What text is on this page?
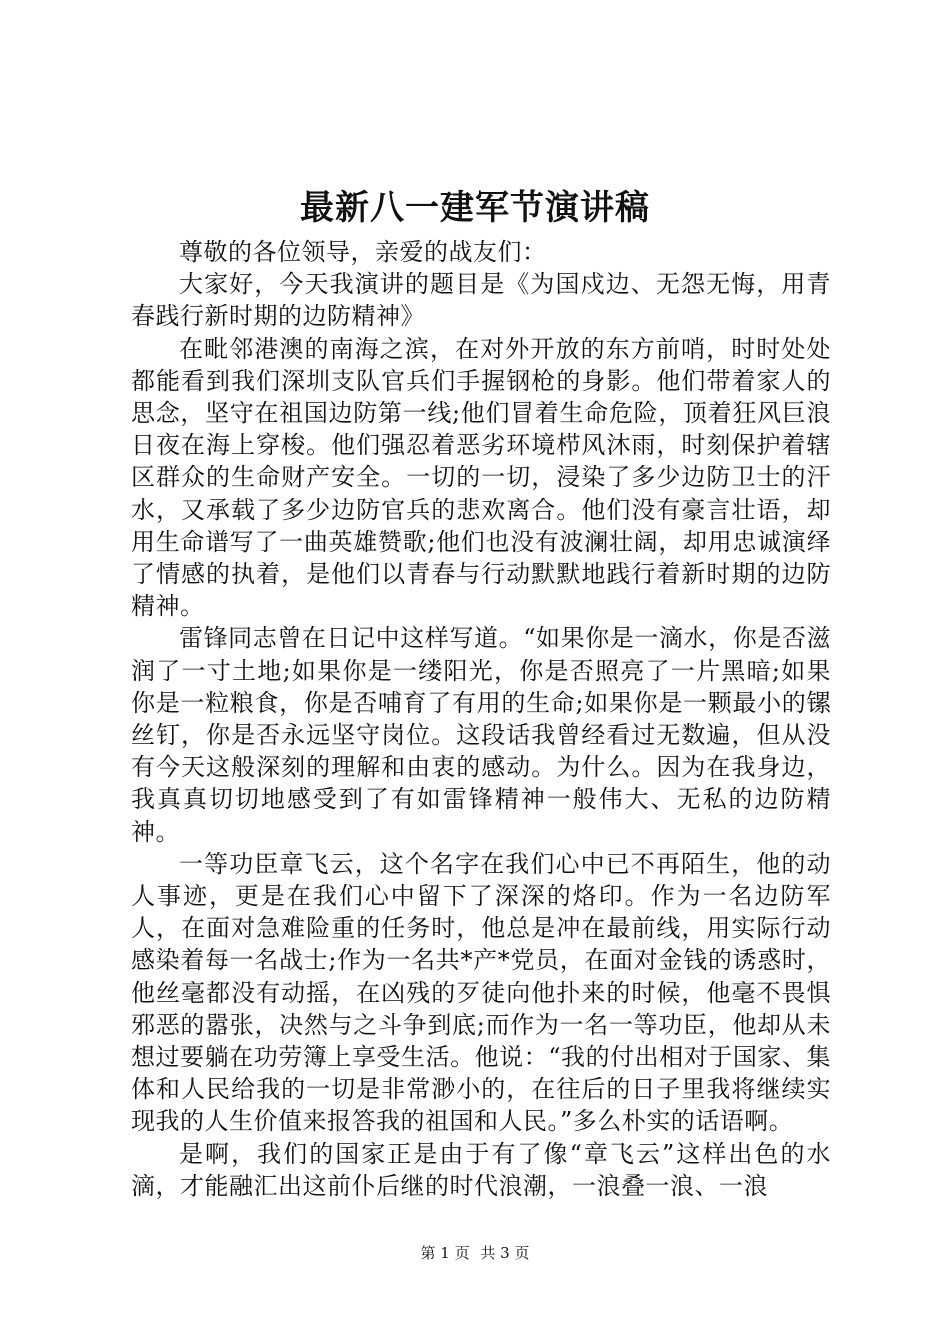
最新八一建军节演讲稿

尊敬的各位领导，亲爱的战友们：

大家好，今天我演讲的题目是《为国戍边、无怨无悔，用青春践行新时期的边防精神》

在毗邻港澳的南海之滨，在对外开放的东方前哨，时时处处都能看到我们深圳支队官兵们手握钢枪的身影。他们带着家人的思念，坚守在祖国边防第一线;他们冒着生命危险，顶着狂风巨浪日夜在海上穿梭。他们强忍着恶劣环境栉风沐雨，时刻保护着辖区群众的生命财产安全。一切的一切，浸染了多少边防卫士的汗水，又承载了多少边防官兵的悲欢离合。他们没有豪言壮语，却用生命谱写了一曲英雄赞歌;他们也没有波澜壮阔，却用忠诚演绎了情感的执着，是他们以青春与行动默默地践行着新时期的边防精神。

雷锋同志曾在日记中这样写道。“如果你是一滴水，你是否滋润了一寸土地;如果你是一缕阳光，你是否照亮了一片黑暗;如果你是一粒粮食，你是否哺育了有用的生命;如果你是一颗最小的镙丝钉，你是否永远坚守岗位。这段话我曾经看过无数遍，但从没有今天这般深刻的理解和由衷的感动。为什么。因为在我身边，我真真切切地感受到了有如雷锋精神一般伟大、无私的边防精神。

一等功臣章飞云，这个名字在我们心中已不再陌生，他的动人事迹，更是在我们心中留下了深深的烙印。作为一名边防军人，在面对急难险重的任务时，他总是冲在最前线，用实际行动感染着每一名战士;作为一名共*产*党员，在面对金钱的诱惑时，他丝毫都没有动摇，在凶残的歹徒向他扑来的时候，他毫不畏惧邪恶的嚣张，决然与之斗争到底;而作为一名一等功臣，他却从未想过要躺在功劳簿上享受生活。他说：“我的付出相对于国家、集体和人民给我的一切是非常渺小的，在往后的日子里我将继续实现我的人生价值来报答我的祖国和人民。”多么朴实的话语啊。

是啊，我们的国家正是由于有了像“章飞云”这样出色的水滴，才能融汇出这前仆后继的时代浪潮，一浪叠一浪、一浪

第 1 页 共 3 页
